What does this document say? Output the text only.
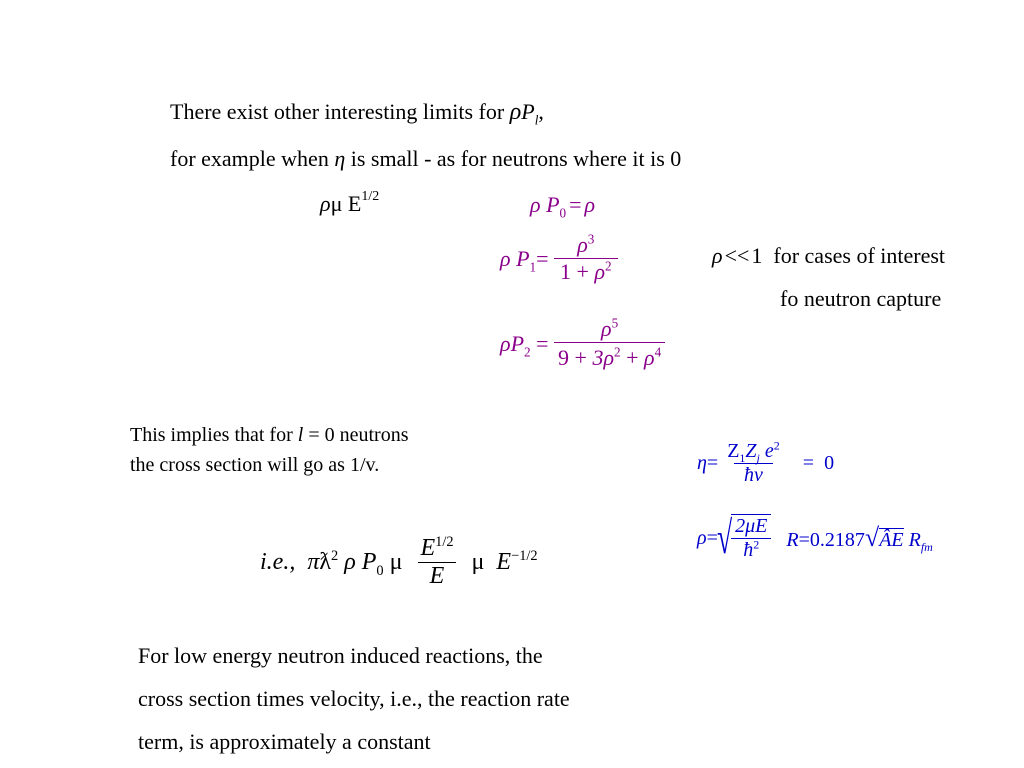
There exist other interesting limits for $\rho P_l$,
for example when η is small - as for neutrons where it is 0
ρμ $E^{1/2}$	ρ $P_0 = \rho$
ρ $P_1= \frac{\rho^3}{1 + \rho^2}$	ρ<<1 for cases of interest
fo neutron capture
$\rho P_2 = \frac{\rho^5}{9 + 3\rho^2 + \rho^4}$
This implies that for l = 0 neutrons
the cross section will go as 1/v.	$\eta= \frac{Z_1Z_j e^2}{ħv} = 0$
$\rho=√ \frac{2\mu E}{ħ^2}$ R=0.2187√ÂE $R_{fm}$
i.e., $\pi ƛ^2$ ρ $P_0$ μ $\frac{E^{1/2}}{E}$ μ $E^{-1/2}$
For low energy neutron induced reactions, the
cross section times velocity, i.e., the reaction rate
term, is approximately a constant
